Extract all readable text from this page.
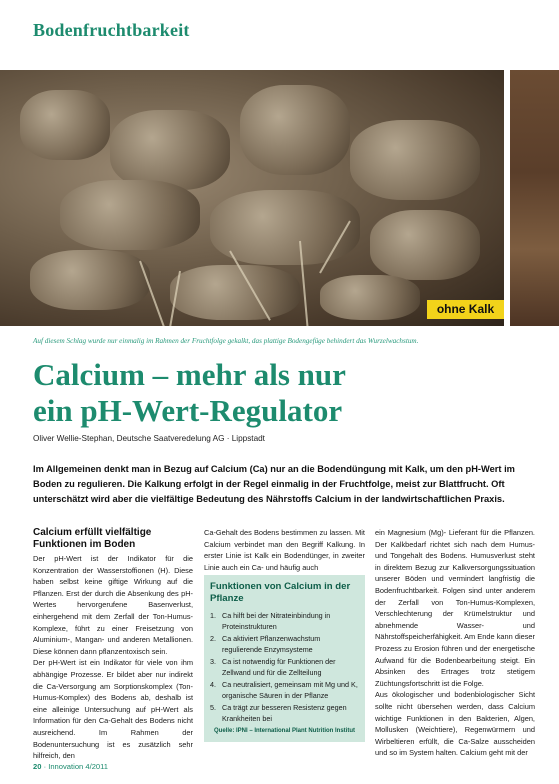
Bodenfruchtbarkeit
ohne Kalk
Auf diesem Schlag wurde nur einmalig im Rahmen der Fruchtfolge gekalkt, das plattige Bodengefüge behindert das Wurzelwachstum.
Calcium – mehr als nur
ein pH-Wert-Regulator
Oliver Wellie-Stephan, Deutsche Saatveredelung AG · Lippstadt
Im Allgemeinen denkt man in Bezug auf Calcium (Ca) nur an die Bodendüngung mit Kalk, um den pH-Wert im Boden zu regulieren. Die Kalkung erfolgt in der Regel einmalig in der Fruchtfolge, meist zur Blattfrucht. Oft unterschätzt wird aber die vielfältige Bedeutung des Nährstoffs Calcium in der landwirtschaftlichen Praxis.
Calcium erfüllt vielfältige Funktionen im Boden

Der pH-Wert ist der Indikator für die Konzentration der Wasserstoffionen (H). Diese haben selbst keine giftige Wirkung auf die Pflanzen. Erst der durch die Absenkung des pH-Wertes hervorgerufene Basenverlust, einhergehend mit dem Zerfall der Ton-Humus-Komplexe, führt zu einer Freisetzung von Aluminium-, Mangan- und anderen Metallionen. Diese können dann pflanzentoxisch sein.

Der pH-Wert ist ein Indikator für viele von ihm abhängige Prozesse. Er bildet aber nur indirekt die Ca-Versorgung am Sorptionskomplex (Ton-Humus-Komplex) des Bodens ab, deshalb ist eine alleinige Untersuchung auf pH-Wert als Information für den Ca-Gehalt des Bodens nicht ausreichend. Im Rahmen der Bodenuntersuchung ist es zusätzlich sehr hilfreich, den

Ca-Gehalt des Bodens bestimmen zu lassen. Mit Calcium verbindet man den Begriff Kalkung. In erster Linie ist Kalk ein Bodendünger, in zweiter Linie auch ein Ca- und häufig auch

Funktionen von Calcium in der Pflanze
1. Ca hilft bei der Nitrateinbindung in Proteinstrukturen
2. Ca aktiviert Pflanzenwachstum regulierende Enzymsysteme
3. Ca ist notwendig für Funktionen der Zellwand und für die Zellteilung
4. Ca neutralisiert, gemeinsam mit Mg und K, organische Säuren in der Pflanze
5. Ca trägt zur besseren Resistenz gegen Krankheiten bei
Quelle: IPNI – International Plant Nutrition Institut

ein Magnesium (Mg)- Lieferant für die Pflanzen. Der Kalkbedarf richtet sich nach dem Humus- und Tongehalt des Bodens. Humusverlust steht in direktem Bezug zur Kalkversorgungssituation unserer Böden und vermindert langfristig die Bodenfruchtbarkeit. Folgen sind unter anderem der Zerfall von Ton-Humus-Komplexen, Verschlechterung der Krümelstruktur und abnehmende Wasser- und Nährstoffspeicherfähigkeit. Am Ende kann dieser Prozess zu Erosion führen und der energetische Aufwand für die Bodenbearbeitung steigt. Ein Absinken des Ertrages trotz stetigem Züchtungsfortschritt ist die Folge.

Aus ökologischer und bodenbiologischer Sicht sollte nicht übersehen werden, dass Calcium wichtige Funktionen in den Bakterien, Algen, Mollusken (Weichtiere), Regenwürmern und Wirbeltieren erfüllt, die Ca-Salze ausscheiden und so im System halten. Calcium geht mit der

20 · Innovation 4/2011
